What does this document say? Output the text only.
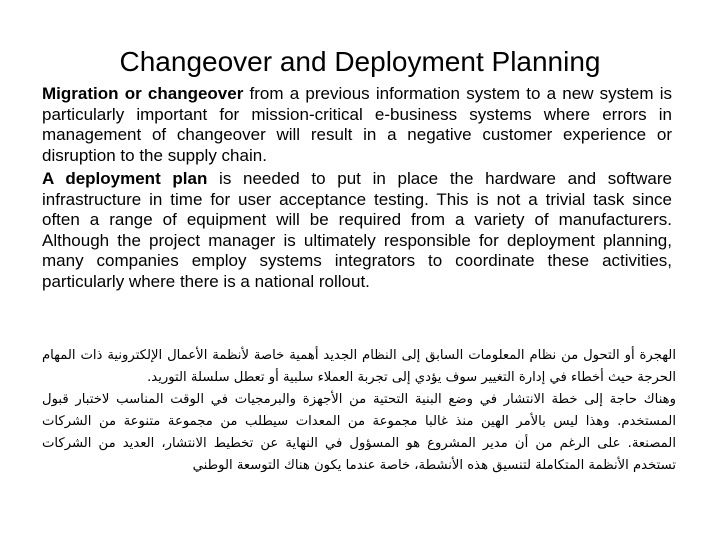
Changeover and Deployment Planning

Migration or changeover from a previous information system to a new system is particularly important for mission-critical e-business systems where errors in management of changeover will result in a negative customer experience or disruption to the supply chain.

A deployment plan is needed to put in place the hardware and software infrastructure in time for user acceptance testing. This is not a trivial task since often a range of equipment will be required from a variety of manufacturers. Although the project manager is ultimately responsible for deployment planning, many companies employ systems integrators to coordinate these activities, particularly where there is a national rollout.

الهجرة أو التحول من نظام المعلومات السابق إلى النظام الجديد أهمية خاصة لأنظمة الأعمال الإلكترونية ذات المهام الحرجة حيث أخطاء في إدارة التغيير سوف يؤدي إلى تجربة العملاء سلبية أو تعطل سلسلة التوريد.

وهناك حاجة إلى خطة الانتشار في وضع البنية التحتية من الأجهزة والبرمجيات في الوقت المناسب لاختبار قبول المستخدم. وهذا ليس بالأمر الهين منذ غالبا مجموعة من المعدات سيطلب من مجموعة متنوعة من الشركات المصنعة. على الرغم من أن مدير المشروع هو المسؤول في النهاية عن تخطيط الانتشار، العديد من الشركات تستخدم الأنظمة المتكاملة لتنسيق هذه الأنشطة، خاصة عندما يكون هناك التوسعة الوطني
